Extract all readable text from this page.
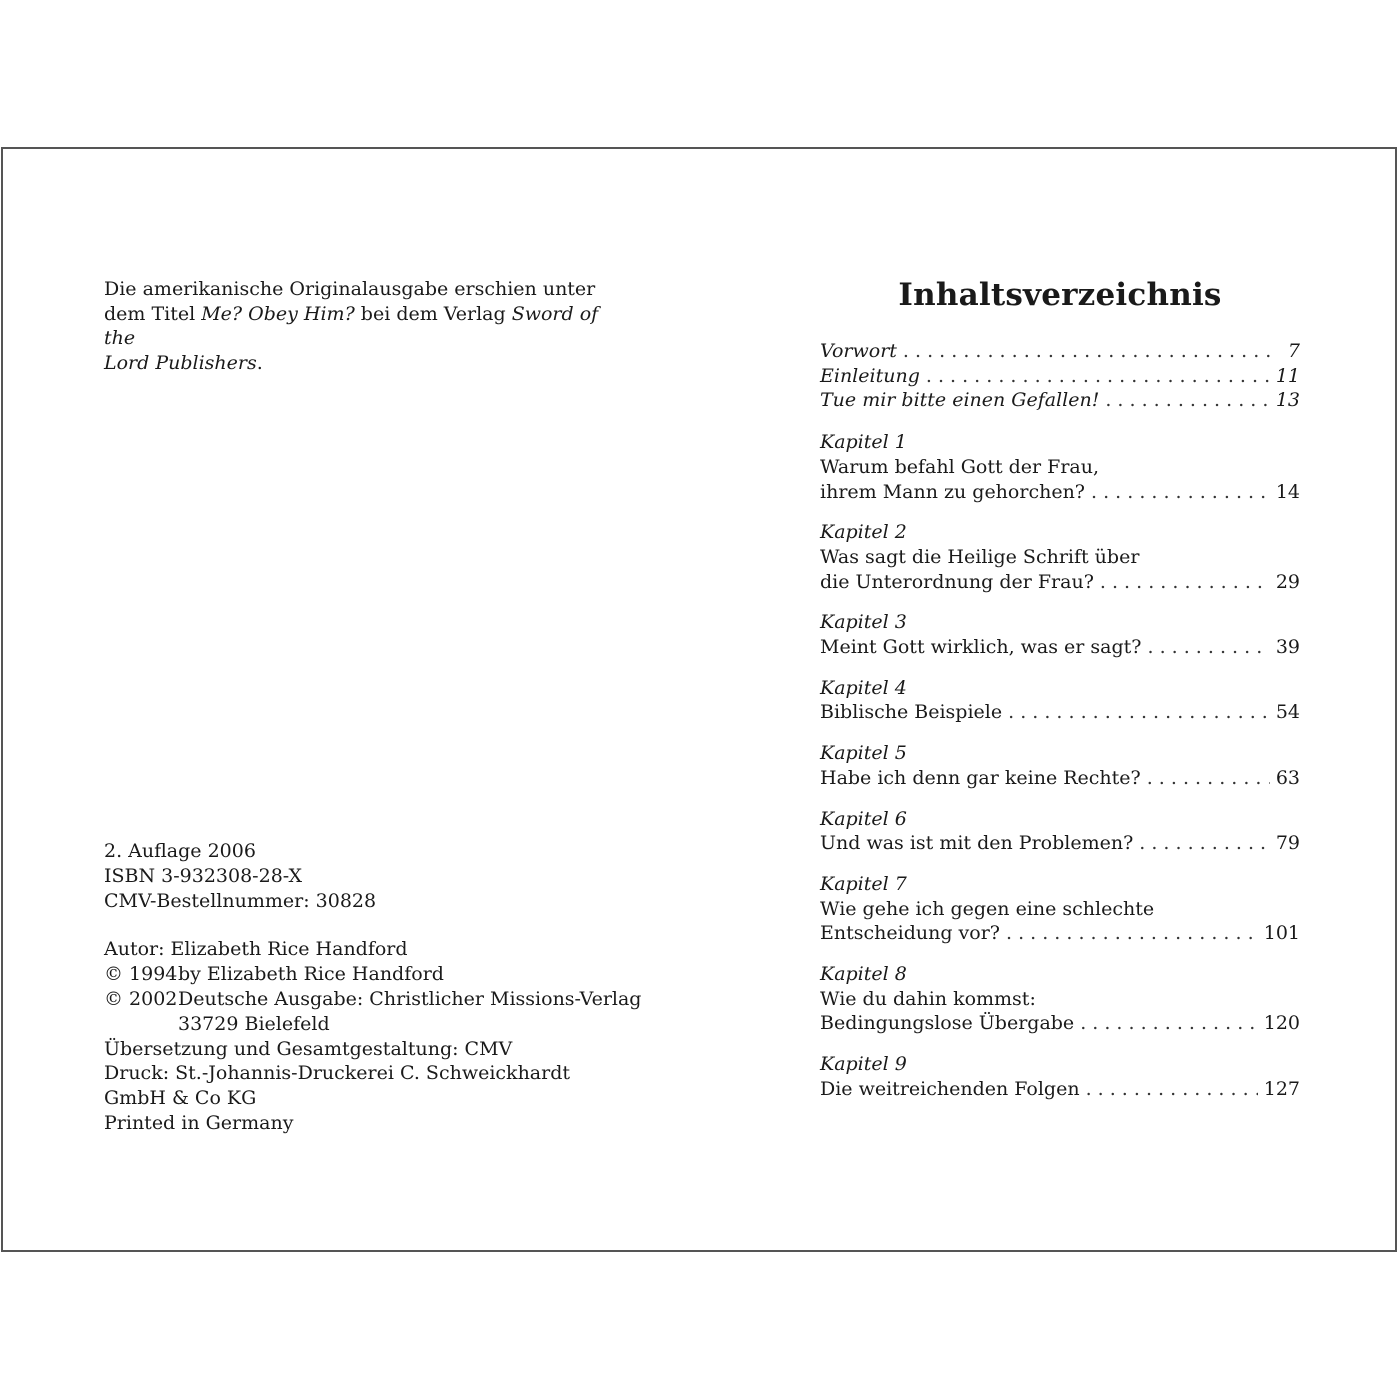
Die amerikanische Originalausgabe erschien unter
dem Titel Me? Obey Him? bei dem Verlag Sword of the
Lord Publishers.

2. Auflage 2006
ISBN 3-932308-28-X
CMV-Bestellnummer: 30828
Autor: Elizabeth Rice Handford
© 1994 by Elizabeth Rice Handford
© 2002 Deutsche Ausgabe: Christlicher Missions-Verlag
33729 Bielefeld
Übersetzung und Gesamtgestaltung: CMV
Druck: St.-Johannis-Druckerei C. Schweickhardt
GmbH & Co KG
Printed in Germany
Inhaltsverzeichnis
Vorwort . . .	7
Einleitung . . .	11
Tue mir bitte einen Gefallen! . . .	13
Kapitel 1
Warum befahl Gott der Frau,
ihrem Mann zu gehorchen? . . .	14
Kapitel 2
Was sagt die Heilige Schrift über
die Unterordnung der Frau? . . .	29
Kapitel 3
Meint Gott wirklich, was er sagt? . . .	39
Kapitel 4
Biblische Beispiele . . .	54
Kapitel 5
Habe ich denn gar keine Rechte? . . .	63
Kapitel 6
Und was ist mit den Problemen? . . .	79
Kapitel 7
Wie gehe ich gegen eine schlechte
Entscheidung vor? . . .	101
Kapitel 8
Wie du dahin kommst:
Bedingungslose Übergabe . . .	120
Kapitel 9
Die weitreichenden Folgen . . .	127
